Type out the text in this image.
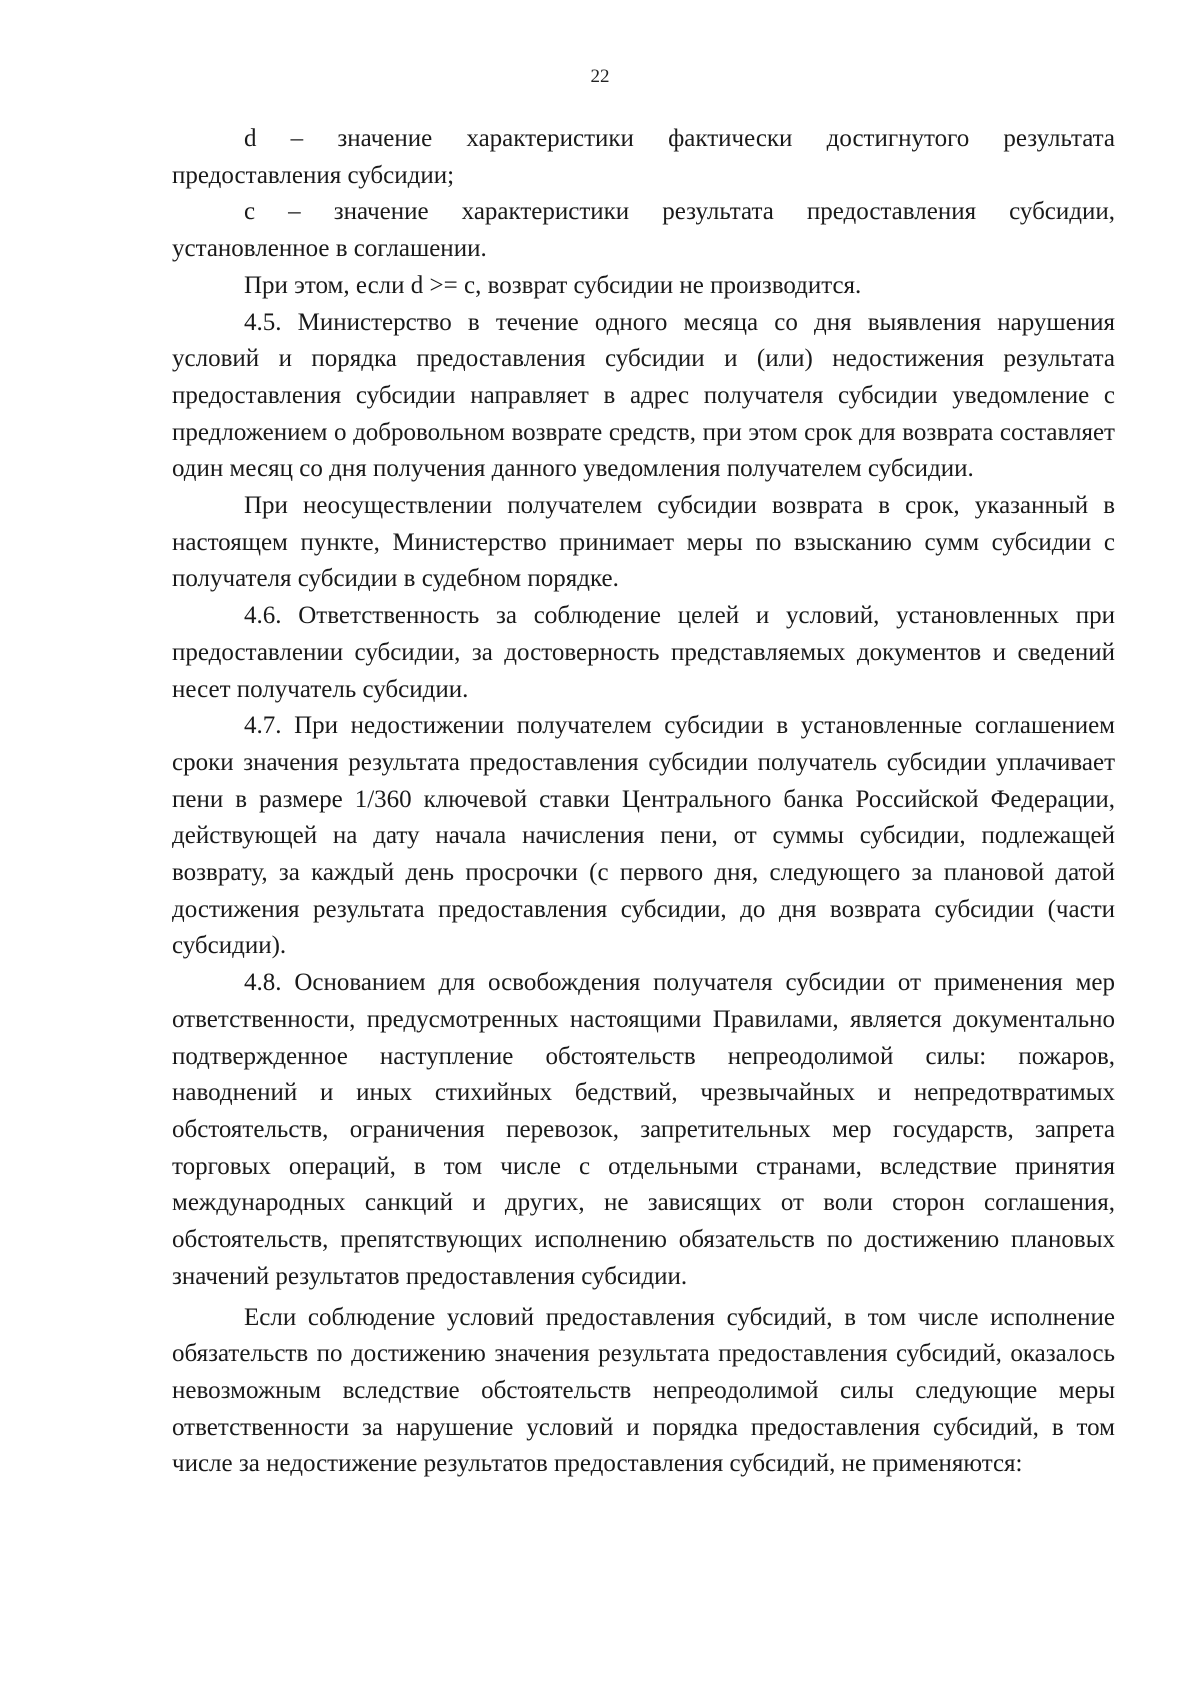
22

d – значение характеристики фактически достигнутого результата предоставления субсидии;

c – значение характеристики результата предоставления субсидии, установленное в соглашении.

При этом, если d >= c, возврат субсидии не производится.

4.5. Министерство в течение одного месяца со дня выявления нарушения условий и порядка предоставления субсидии и (или) недостижения результата предоставления субсидии направляет в адрес получателя субсидии уведомление с предложением о добровольном возврате средств, при этом срок для возврата составляет один месяц со дня получения данного уведомления получателем субсидии.

При неосуществлении получателем субсидии возврата в срок, указанный в настоящем пункте, Министерство принимает меры по взысканию сумм субсидии с получателя субсидии в судебном порядке.

4.6. Ответственность за соблюдение целей и условий, установленных при предоставлении субсидии, за достоверность представляемых документов и сведений несет получатель субсидии.

4.7. При недостижении получателем субсидии в установленные соглашением сроки значения результата предоставления субсидии получатель субсидии уплачивает пени в размере 1/360 ключевой ставки Центрального банка Российской Федерации, действующей на дату начала начисления пени, от суммы субсидии, подлежащей возврату, за каждый день просрочки (с первого дня, следующего за плановой датой достижения результата предоставления субсидии, до дня возврата субсидии (части субсидии).

4.8. Основанием для освобождения получателя субсидии от применения мер ответственности, предусмотренных настоящими Правилами, является документально подтвержденное наступление обстоятельств непреодолимой силы: пожаров, наводнений и иных стихийных бедствий, чрезвычайных и непредотвратимых обстоятельств, ограничения перевозок, запретительных мер государств, запрета торговых операций, в том числе с отдельными странами, вследствие принятия международных санкций и других, не зависящих от воли сторон соглашения, обстоятельств, препятствующих исполнению обязательств по достижению плановых значений результатов предоставления субсидии.

Если соблюдение условий предоставления субсидий, в том числе исполнение обязательств по достижению значения результата предоставления субсидий, оказалось невозможным вследствие обстоятельств непреодолимой силы следующие меры ответственности за нарушение условий и порядка предоставления субсидий, в том числе за недостижение результатов предоставления субсидий, не применяются:
